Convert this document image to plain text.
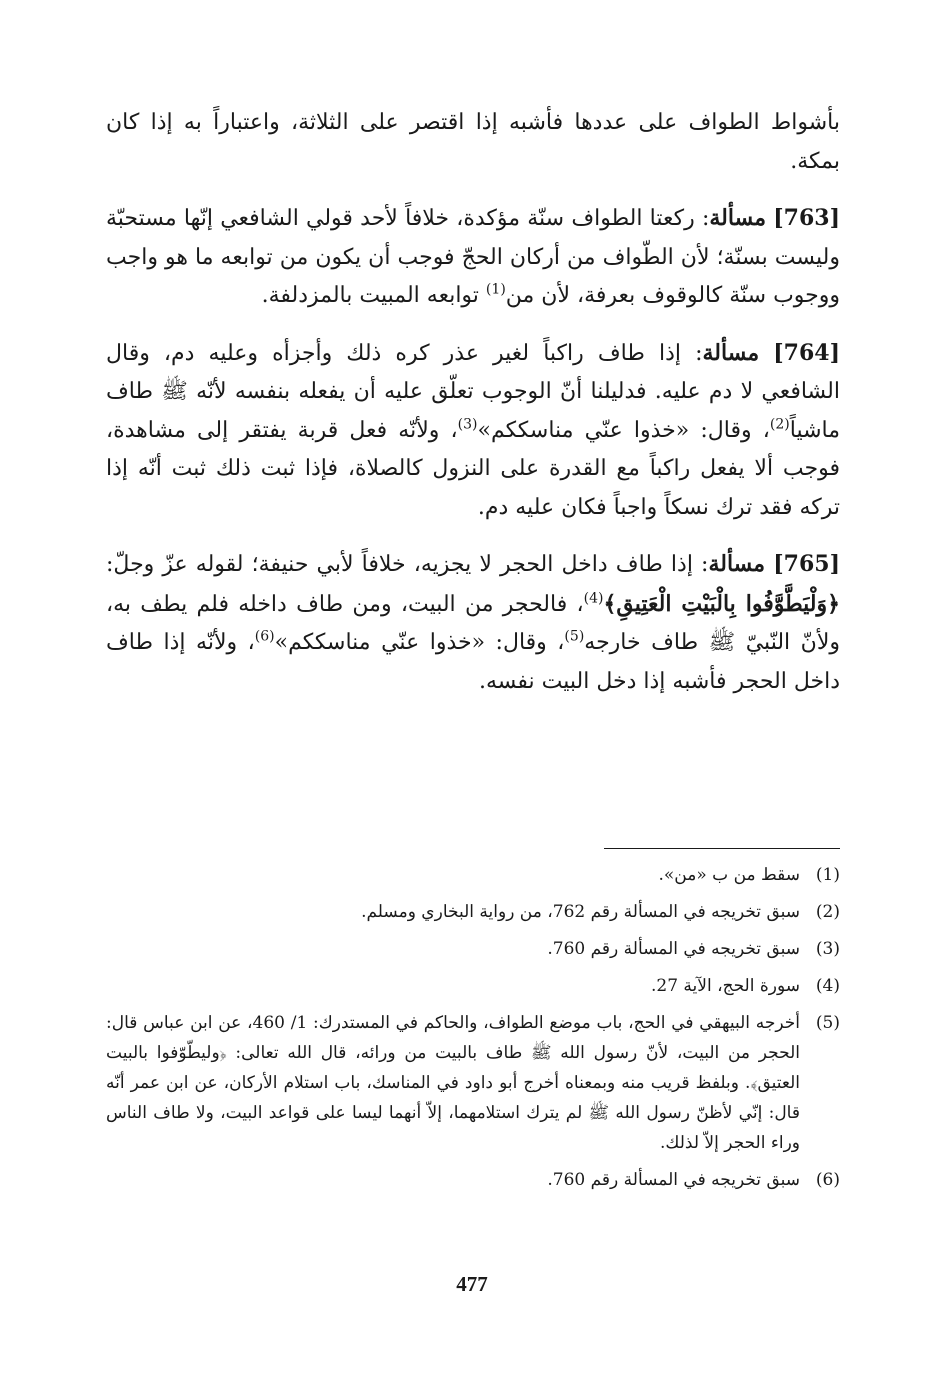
بأشواط الطواف على عددها فأشبه إذا اقتصر على الثلاثة، واعتباراً به إذا كان بمكة.

[763] مسألة: ركعتا الطواف سنّة مؤكدة، خلافاً لأحد قولي الشافعي إنّها مستحبّة وليست بسنّة؛ لأن الطّواف من أركان الحجّ فوجب أن يكون من توابعه ما هو واجب ووجوب سنّة كالوقوف بعرفة، لأن من$^{(1)}$ توابعه المبيت بالمزدلفة.

[764] مسألة: إذا طاف راكباً لغير عذر كره ذلك وأجزأه وعليه دم، وقال الشافعي لا دم عليه. فدليلنا أنّ الوجوب تعلّق عليه أن يفعله بنفسه لأنّه ﷺ طاف ماشياً$^{(2)}$، وقال: «خذوا عنّي مناسككم»$^{(3)}$، ولأنّه فعل قربة يفتقر إلى مشاهدة، فوجب ألا يفعل راكباً مع القدرة على النزول كالصلاة، فإذا ثبت ذلك ثبت أنّه إذا تركه فقد ترك نسكاً واجباً فكان عليه دم.

[765] مسألة: إذا طاف داخل الحجر لا يجزيه، خلافاً لأبي حنيفة؛ لقوله عزّ وجلّ: ﴿وَلْيَطَّوَّفُوا بِالْبَيْتِ الْعَتِيقِ﴾$^{(4)}$، فالحجر من البيت، ومن طاف داخله فلم يطف به، ولأنّ النّبيّ ﷺ طاف خارجه$^{(5)}$، وقال: «خذوا عنّي مناسككم»$^{(6)}$، ولأنّه إذا طاف داخل الحجر فأشبه إذا دخل البيت نفسه.

(1)
سقط من ب «من».
(2)
سبق تخريجه في المسألة رقم 762، من رواية البخاري ومسلم.
(3)
سبق تخريجه في المسألة رقم 760.
(4)
سورة الحج، الآية 27.
(5)
أخرجه البيهقي في الحج، باب موضع الطواف، والحاكم في المستدرك: 1/ 460، عن ابن عباس قال: الحجر من البيت، لأنّ رسول الله ﷺ طاف بالبيت من ورائه، قال الله تعالى: ﴿وليطّوّفوا بالبيت العتيق﴾. وبلفظ قريب منه وبمعناه أخرج أبو داود في المناسك، باب استلام الأركان، عن ابن عمر أنّه قال: إنّي لأظنّ رسول الله ﷺ لم يترك استلامهما، إلاّ أنهما ليسا على قواعد البيت، ولا طاف الناس وراء الحجر إلاّ لذلك.
(6)
سبق تخريجه في المسألة رقم 760.
477
